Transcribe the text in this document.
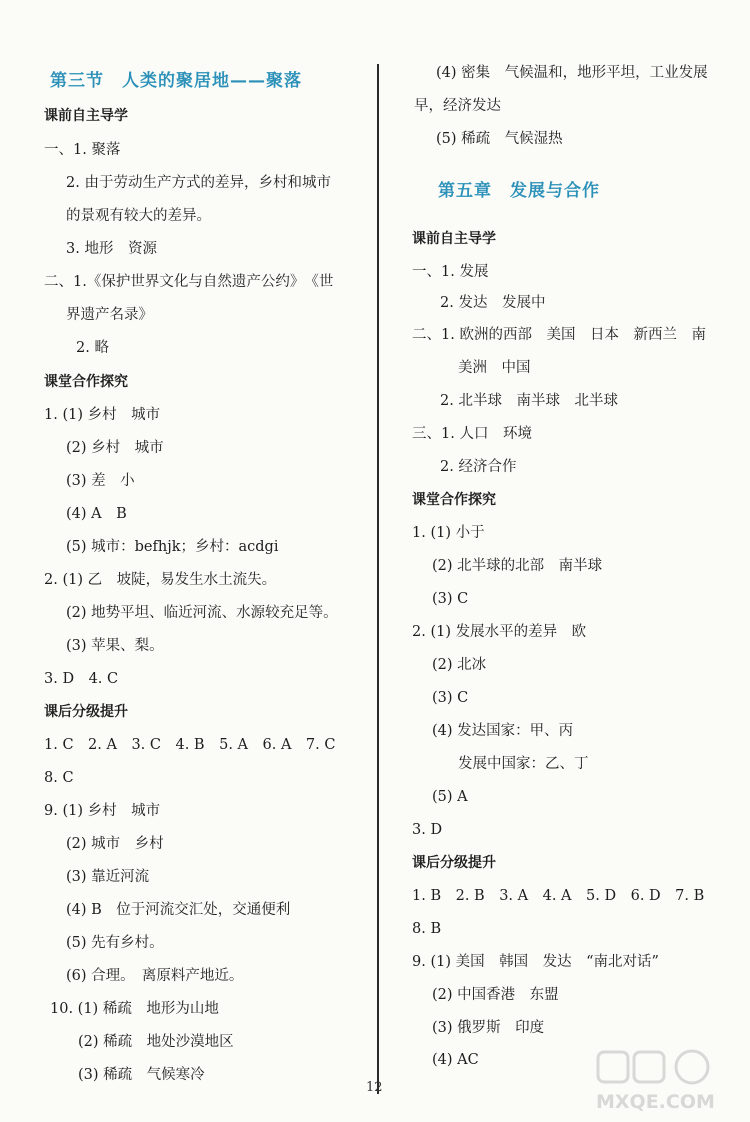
第三节　人类的聚居地——聚落
课前自主导学
一、1. 聚落
2. 由于劳动生产方式的差异，乡村和城市
的景观有较大的差异。
3. 地形　资源
二、1.《保护世界文化与自然遗产公约》　《世
界遗产名录》
2. 略
课堂合作探究
1. (1) 乡村　城市
(2) 乡村　城市
(3) 差　小
(4) A　B
(5) 城市：befhjk；乡村：acdgi
2. (1) 乙　坡陡，易发生水土流失。
(2) 地势平坦、临近河流、水源较充足等。
(3) 苹果、梨。
3. D　4. C
课后分级提升
1. C　2. A　3. C　4. B　5. A　6. A　7. C
8. C
9. (1) 乡村　城市
(2) 城市　乡村
(3) 靠近河流
(4) B　位于河流交汇处，交通便利
(5) 先有乡村。
(6) 合理。　离原料产地近。
10. (1) 稀疏　地形为山地
(2) 稀疏　地处沙漠地区
(3) 稀疏　气候寒冷
(4) 密集　气候温和，地形平坦，工业发展
早，经济发达
(5) 稀疏　气候湿热
第五章　发展与合作
课前自主导学
一、1. 发展
2. 发达　发展中
二、1. 欧洲的西部　美国　日本　新西兰　南
美洲　中国
2. 北半球　南半球　北半球
三、1. 人口　环境
2. 经济合作
课堂合作探究
1. (1) 小于
(2) 北半球的北部　南半球
(3) C
2. (1) 发展水平的差异　欧
(2) 北冰
(3) C
(4) 发达国家：甲、丙
发展中国家：乙、丁
(5) A
3. D
课后分级提升
1. B　2. B　3. A　4. A　5. D　6. D　7. B
8. B
9. (1) 美国　韩国　发达　“南北对话”
(2) 中国香港　东盟
(3) 俄罗斯　印度
(4) AC
12
MXQE.COM
